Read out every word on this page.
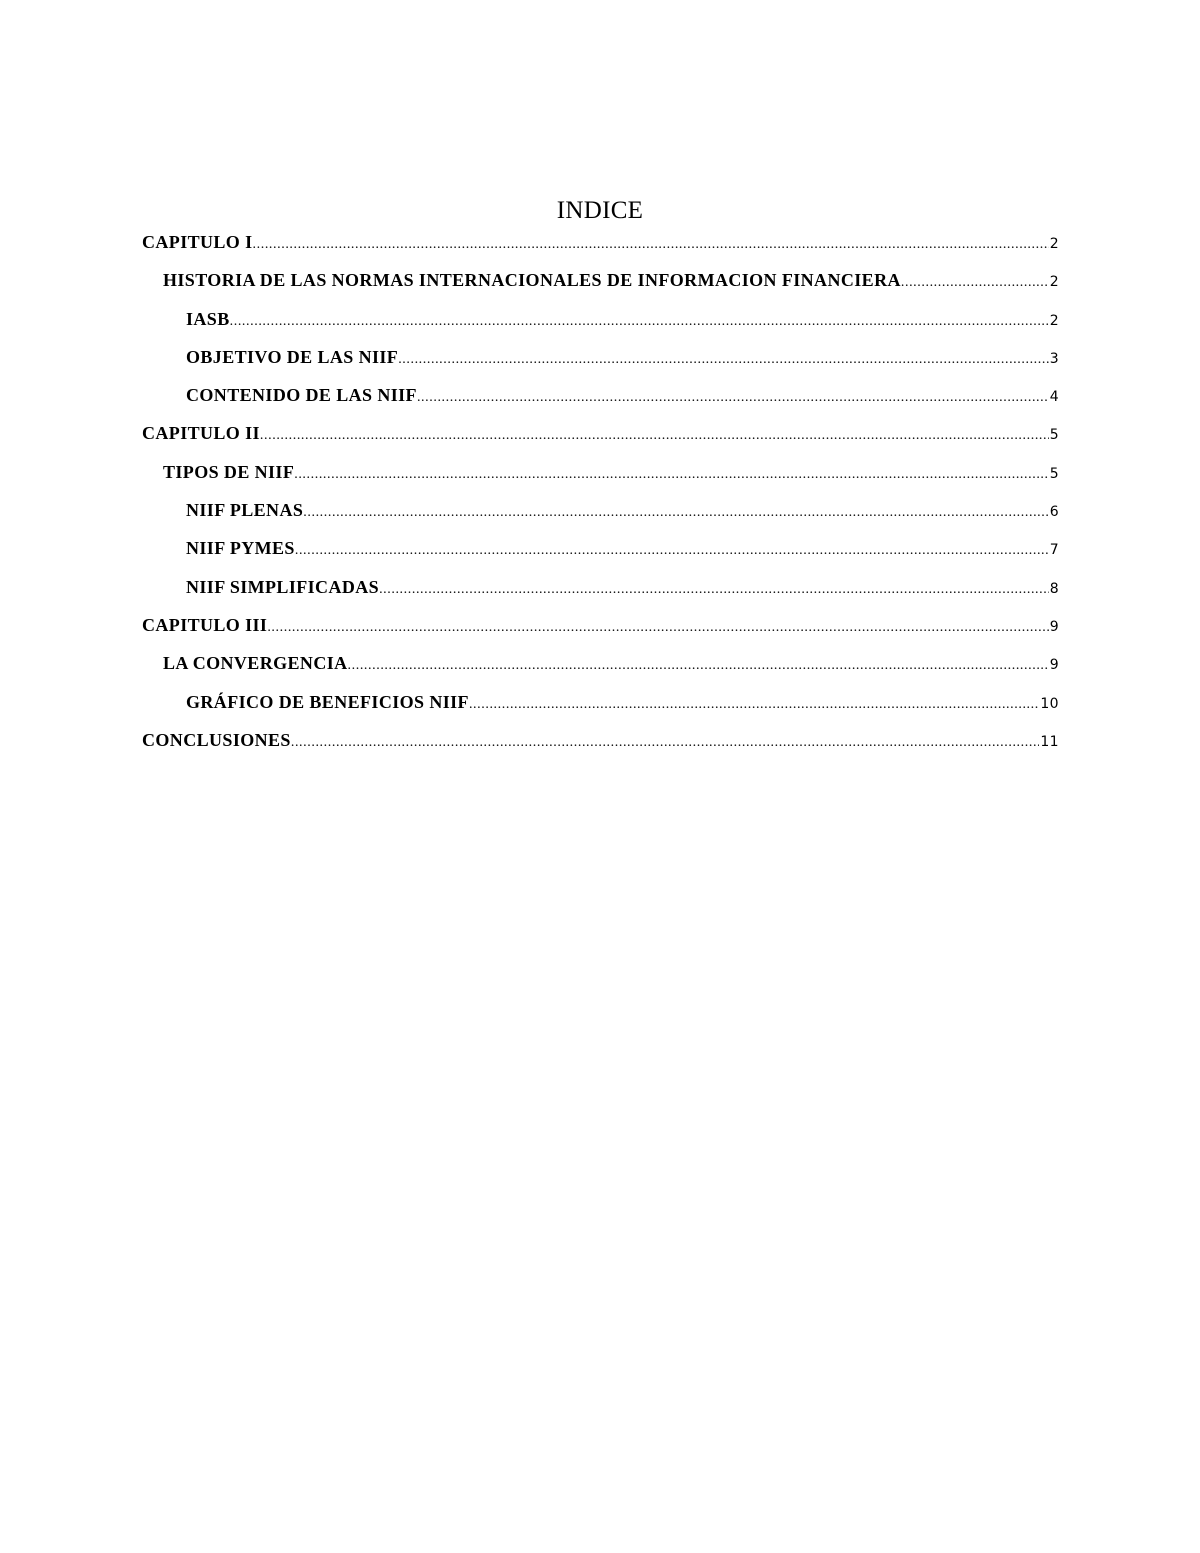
INDICE
CAPITULO I .....	2
HISTORIA DE LAS NORMAS INTERNACIONALES DE INFORMACION FINANCIERA .....	2
IASB .....	2
OBJETIVO DE LAS NIIF .....	3
CONTENIDO DE LAS NIIF .....	4
CAPITULO II .....	5
TIPOS DE NIIF .....	5
NIIF PLENAS .....	6
NIIF PYMES .....	7
NIIF SIMPLIFICADAS .....	8
CAPITULO III .....	9
LA CONVERGENCIA .....	9
GRÁFICO DE BENEFICIOS NIIF .....	10
CONCLUSIONES .....	11
